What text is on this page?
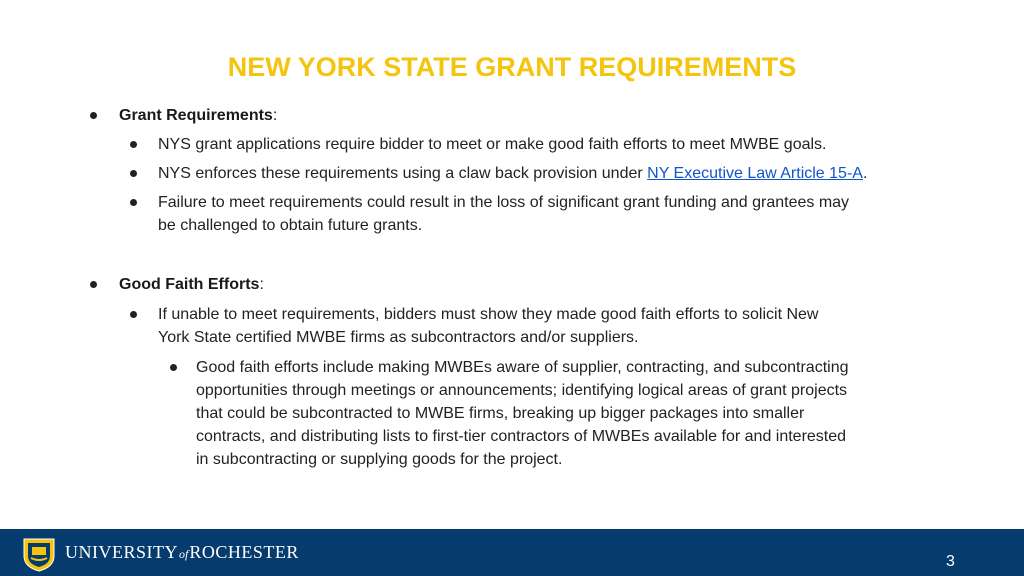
NEW YORK STATE GRANT REQUIREMENTS
Grant Requirements:
NYS grant applications require bidder to meet or make good faith efforts to meet MWBE goals.
NYS enforces these requirements using a claw back provision under NY Executive Law Article 15-A.
Failure to meet requirements could result in the loss of significant grant funding and grantees may
be challenged to obtain future grants.
Good Faith Efforts:
If unable to meet requirements, bidders must show they made good faith efforts to solicit New
York State certified MWBE firms as subcontractors and/or suppliers.
Good faith efforts include making MWBEs aware of supplier, contracting, and subcontracting
opportunities through meetings or announcements; identifying logical areas of grant projects
that could be subcontracted to MWBE firms, breaking up bigger packages into smaller
contracts, and distributing lists to first-tier contractors of MWBEs available for and interested
in subcontracting or supplying goods for the project.
UNIVERSITYofROCHESTER	3
